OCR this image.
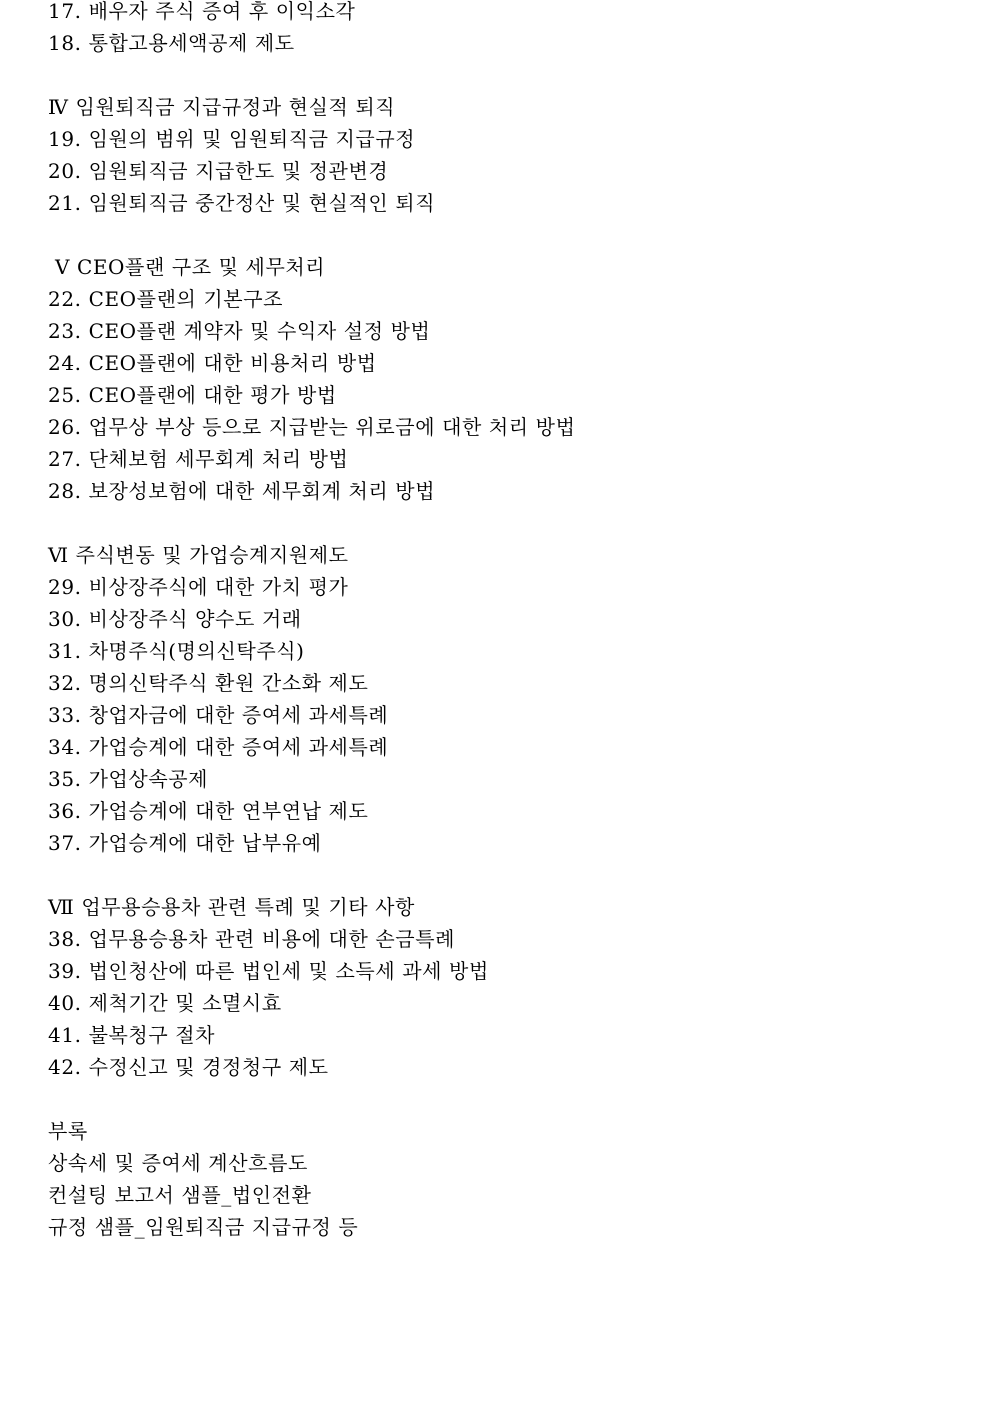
17. 배우자 주식 증여 후 이익소각
18. 통합고용세액공제 제도
Ⅳ 임원퇴직금 지급규정과 현실적 퇴직
19. 임원의 범위 및 임원퇴직금 지급규정
20. 임원퇴직금 지급한도 및 정관변경
21. 임원퇴직금 중간정산 및 현실적인 퇴직
Ⅴ CEO플랜 구조 및 세무처리
22. CEO플랜의 기본구조
23. CEO플랜 계약자 및 수익자 설정 방법
24. CEO플랜에 대한 비용처리 방법
25. CEO플랜에 대한 평가 방법
26. 업무상 부상 등으로 지급받는 위로금에 대한 처리 방법
27. 단체보험 세무회계 처리 방법
28. 보장성보험에 대한 세무회계 처리 방법
Ⅵ 주식변동 및 가업승계지원제도
29. 비상장주식에 대한 가치 평가
30. 비상장주식 양수도 거래
31. 차명주식(명의신탁주식)
32. 명의신탁주식 환원 간소화 제도
33. 창업자금에 대한 증여세 과세특례
34. 가업승계에 대한 증여세 과세특례
35. 가업상속공제
36. 가업승계에 대한 연부연납 제도
37. 가업승계에 대한 납부유예
Ⅶ 업무용승용차 관련 특례 및 기타 사항
38. 업무용승용차 관련 비용에 대한 손금특례
39. 법인청산에 따른 법인세 및 소득세 과세 방법
40. 제척기간 및 소멸시효
41. 불복청구 절차
42. 수정신고 및 경정청구 제도
부록
상속세 및 증여세 계산흐름도
컨설팅 보고서 샘플_법인전환
규정 샘플_임원퇴직금 지급규정 등
